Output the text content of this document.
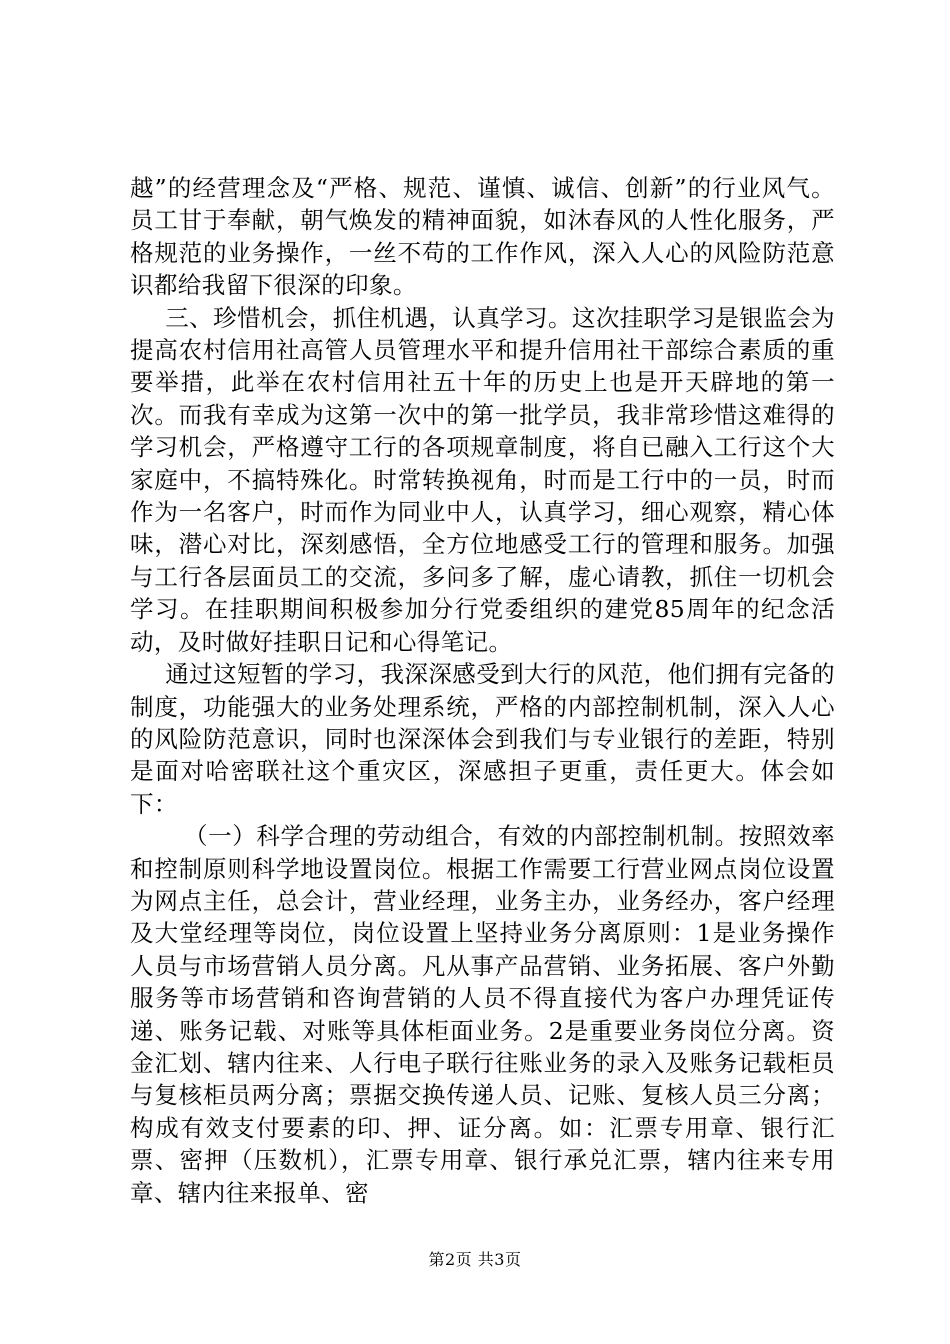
越”的经营理念及“严格、规范、谨慎、诚信、创新”的行业风气。员工甘于奉献，朝气焕发的精神面貌，如沐春风的人性化服务，严格规范的业务操作，一丝不苟的工作作风，深入人心的风险防范意识都给我留下很深的印象。

三、珍惜机会，抓住机遇，认真学习。这次挂职学习是银监会为提高农村信用社高管人员管理水平和提升信用社干部综合素质的重要举措，此举在农村信用社五十年的历史上也是开天辟地的第一次。而我有幸成为这第一次中的第一批学员，我非常珍惜这难得的学习机会，严格遵守工行的各项规章制度，将自已融入工行这个大家庭中，不搞特殊化。时常转换视角，时而是工行中的一员，时而作为一名客户，时而作为同业中人，认真学习，细心观察，精心体味，潜心对比，深刻感悟，全方位地感受工行的管理和服务。加强与工行各层面员工的交流，多问多了解，虚心请教，抓住一切机会学习。在挂职期间积极参加分行党委组织的建党85周年的纪念活动，及时做好挂职日记和心得笔记。

通过这短暂的学习，我深深感受到大行的风范，他们拥有完备的制度，功能强大的业务处理系统，严格的内部控制机制，深入人心的风险防范意识，同时也深深体会到我们与专业银行的差距，特别是面对哈密联社这个重灾区，深感担子更重，责任更大。体会如下：

（一）科学合理的劳动组合，有效的内部控制机制。按照效率和控制原则科学地设置岗位。根据工作需要工行营业网点岗位设置为网点主任，总会计，营业经理，业务主办，业务经办，客户经理及大堂经理等岗位，岗位设置上坚持业务分离原则：1是业务操作人员与市场营销人员分离。凡从事产品营销、业务拓展、客户外勤服务等市场营销和咨询营销的人员不得直接代为客户办理凭证传递、账务记载、对账等具体柜面业务。2是重要业务岗位分离。资金汇划、辖内往来、人行电子联行往账业务的录入及账务记载柜员与复核柜员两分离；票据交换传递人员、记账、复核人员三分离；构成有效支付要素的印、押、证分离。如：汇票专用章、银行汇票、密押（压数机），汇票专用章、银行承兑汇票，辖内往来专用章、辖内往来报单、密

第2页 共3页
